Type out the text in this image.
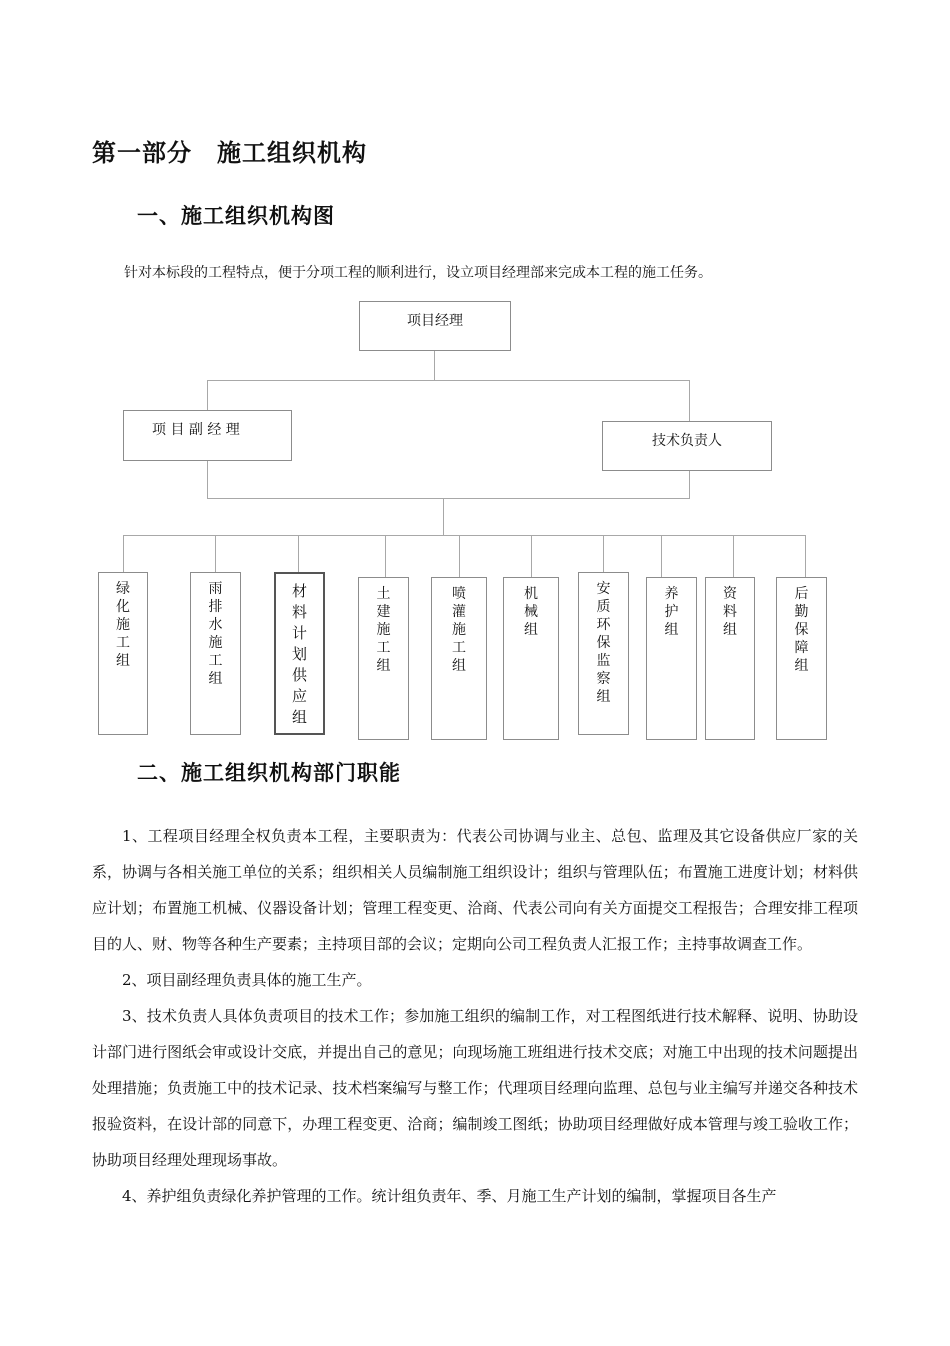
第一部分　施工组织机构
一、施工组织机构图

针对本标段的工程特点，便于分项工程的顺利进行，设立项目经理部来完成本工程的施工任务。

项目经理
项 目 副 经 理
技术负责人
绿化施工组
雨排水施工组
材料计划供应组
土建施工组
喷灌施工组
机械组
安质环保监察组
养护组
资料组
后勤保障组
二、施工组织机构部门职能

1、工程项目经理全权负责本工程，主要职责为：代表公司协调与业主、总包、监理及其它设备供应厂家的关系，协调与各相关施工单位的关系；组织相关人员编制施工组织设计；组织与管理队伍；布置施工进度计划；材料供应计划；布置施工机械、仪器设备计划；管理工程变更、洽商、代表公司向有关方面提交工程报告；合理安排工程项目的人、财、物等各种生产要素；主持项目部的会议；定期向公司工程负责人汇报工作；主持事故调查工作。

2、项目副经理负责具体的施工生产。

3、技术负责人具体负责项目的技术工作；参加施工组织的编制工作，对工程图纸进行技术解释、说明、协助设计部门进行图纸会审或设计交底，并提出自己的意见；向现场施工班组进行技术交底；对施工中出现的技术问题提出处理措施；负责施工中的技术记录、技术档案编写与整工作；代理项目经理向监理、总包与业主编写并递交各种技术报验资料，在设计部的同意下，办理工程变更、洽商；编制竣工图纸；协助项目经理做好成本管理与竣工验收工作；协助项目经理处理现场事故。

4、养护组负责绿化养护管理的工作。统计组负责年、季、月施工生产计划的编制，掌握项目各生产
